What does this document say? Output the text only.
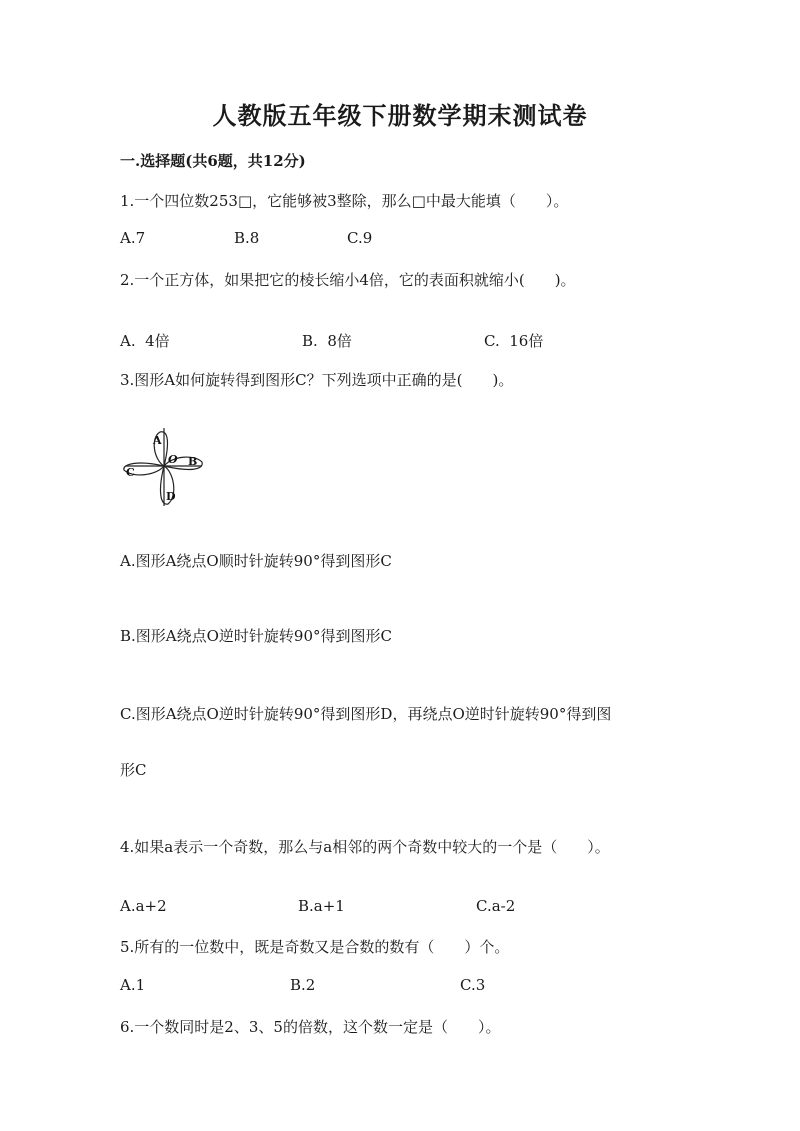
人教版五年级下册数学期末测试卷
一.选择题(共6题，共12分)
1.一个四位数253□，它能够被3整除，那么□中最大能填（　　）。
A.7	B.8	C.9
2.一个正方体，如果把它的棱长缩小4倍，它的表面积就缩小(　　)。
A.  4倍	B.  8倍	C.  16倍
3.图形A如何旋转得到图形C？下列选项中正确的是(　　)。
A
B
C
D
O
A.图形A绕点O顺时针旋转90°得到图形C
B.图形A绕点O逆时针旋转90°得到图形C
C.图形A绕点O逆时针旋转90°得到图形D，再绕点O逆时针旋转90°得到图
形C
4.如果a表示一个奇数，那么与a相邻的两个奇数中较大的一个是（　　）。
A.a+2	B.a+1	C.a-2
5.所有的一位数中，既是奇数又是合数的数有（　　）个。
A.1	B.2	C.3
6.一个数同时是2、3、5的倍数，这个数一定是（　　）。
